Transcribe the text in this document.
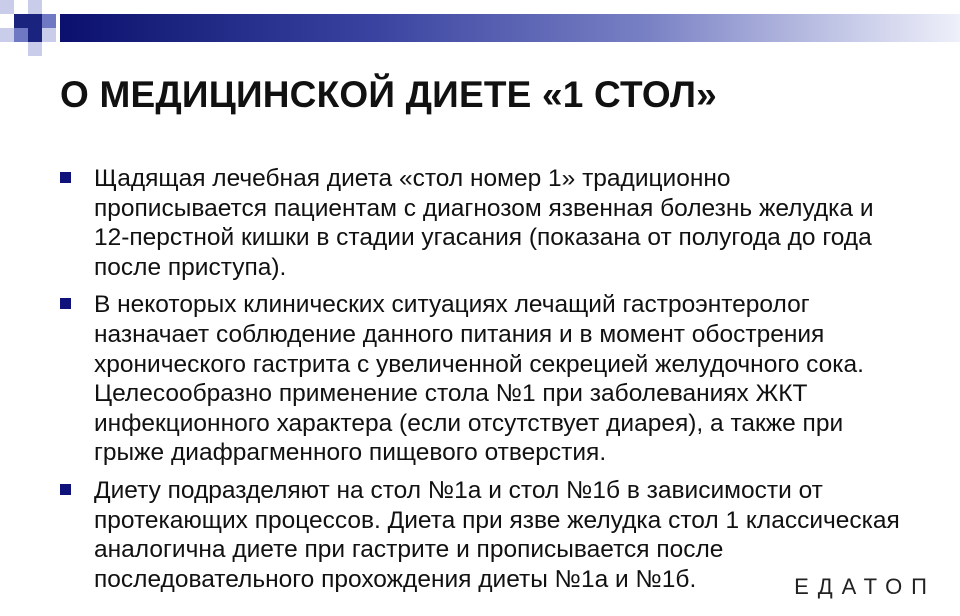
О МЕДИЦИНСКОЙ ДИЕТЕ «1 СТОЛ»
Щадящая лечебная диета «стол номер 1» традиционно прописывается пациентам с диагнозом язвенная болезнь желудка и 12-перстной кишки в стадии угасания (показана от полугода до года после приступа).
В некоторых клинических ситуациях лечащий гастроэнтеролог назначает соблюдение данного питания и в момент обострения хронического гастрита с увеличенной секрецией желудочного сока. Целесообразно применение стола №1 при заболеваниях ЖКТ инфекционного характера (если отсутствует диарея), а также при грыже диафрагменного пищевого отверстия.
Диету подразделяют на стол №1а и стол №1б в зависимости от протекающих процессов. Диета при язве желудка стол 1 классическая аналогична диете при гастрите и прописывается после последовательного прохождения диеты №1а и №1б.	ЕДАТОП
